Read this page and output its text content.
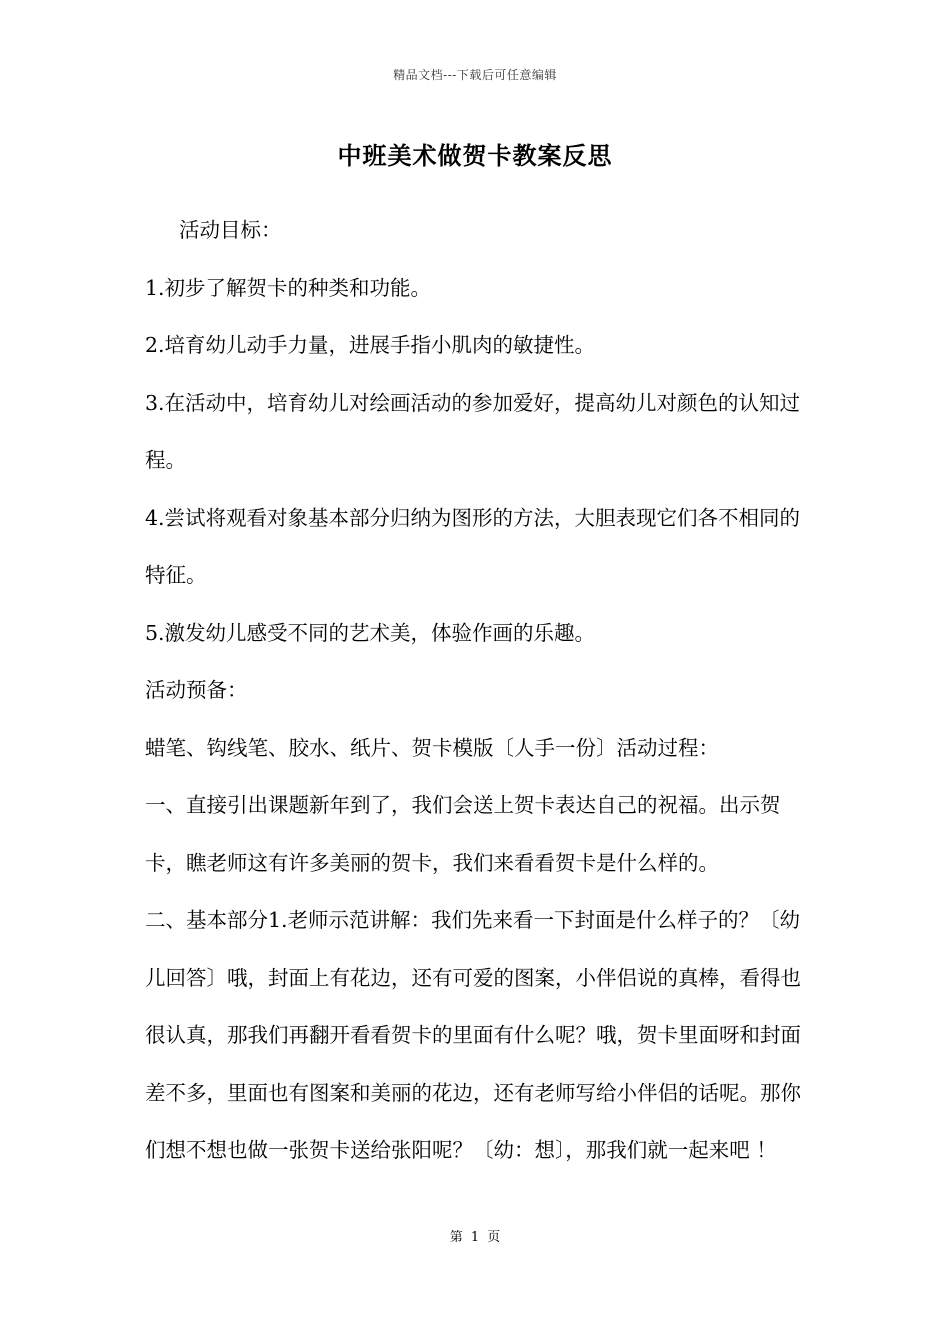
精品文档---下载后可任意编辑
中班美术做贺卡教案反思

活动目标：

1.初步了解贺卡的种类和功能。

2.培育幼儿动手力量，进展手指小肌肉的敏捷性。

3.在活动中，培育幼儿对绘画活动的参加爱好，提高幼儿对颜色的认知过程。

4.尝试将观看对象基本部分归纳为图形的方法，大胆表现它们各不相同的特征。

5.激发幼儿感受不同的艺术美，体验作画的乐趣。

活动预备：

蜡笔、钩线笔、胶水、纸片、贺卡模版〔人手一份〕活动过程：

一、直接引出课题新年到了，我们会送上贺卡表达自己的祝福。出示贺卡，瞧老师这有许多美丽的贺卡，我们来看看贺卡是什么样的。

二、基本部分1.老师示范讲解：我们先来看一下封面是什么样子的？〔幼儿回答〕哦，封面上有花边，还有可爱的图案，小伴侣说的真棒，看得也很认真，那我们再翻开看看贺卡的里面有什么呢？哦，贺卡里面呀和封面差不多，里面也有图案和美丽的花边，还有老师写给小伴侣的话呢。那你们想不想也做一张贺卡送给张阳呢？〔幼：想〕，那我们就一起来吧 ！

第 1 页
